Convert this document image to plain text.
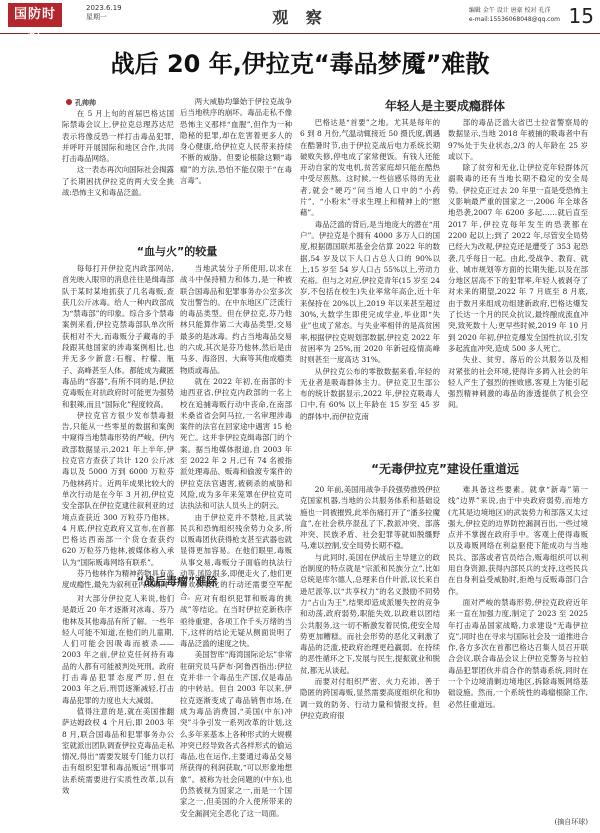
国防时报
2023.6.19
星期一	观 察	编辑 金午 设计 唐豪 校对 孔洋
e-mail:15536068048@qq.com 15
战后 20 年,伊拉克“毒品梦魇”难散
孔帅帅

在 5 月上旬的首届巴格达国际禁毒会议上,伊拉克总理苏达尼表示将像反恐一样打击毒品犯罪,并呼吁开展国际和地区合作,共同打击毒品网络。

这一表态再次向国际社会揭露了长期困扰伊拉克的两大安全挑战:恐怖主义和毒品泛滥。

两大威胁均肇始于伊拉克战争后当地秩序的崩坏。毒品走私不像恐怖主义那样“血腥”,但作为一种隐秘的犯罪,却在危害着更多人的身心健康,给伊拉克人民带来持续不断的威胁。但要论根除这颗“毒瘤”的方法,恐怕不能仅限于“在毒言毒”。

“血与火”的较量

每每打开伊拉克内政部网站,首先映入眼帘的消息往往是缉毒部队于某时某地抓获了几名毒贩,查获几公斤冰毒。给人一种内政部成为“禁毒部”的印象。综合多个禁毒案例来看,伊拉克禁毒部队单次所获相对不大,而毒贩分子藏毒的手段跟其他国家的涉毒案例相比,也并无多少新意:石榴、柠檬、瓶子、高峰甚至人体。都能成为藏匿毒品的“容器”,有所不同的是,伊拉克毒贩在对抗政府时可能更为强势和狠辣,而且“国际化”程度较高。

伊拉克官方很少发布禁毒报告,只能从一些零星的数据和案例中窥得当地禁毒形势的严峻。伊内政部数据显示,2021 年上半年,伊拉克官方查获了共计 120 公斤冰毒以及 5000 万到 6000 万粒芬乃他林药片。近两年成果比较大的单次行动是在今年 3 月初,伊拉克安全部队在伊拉克逮往叙利亚的过境点查获近 300 万粒芬乃他林。4 月底,伊拉克政府又宣布,在首都巴格达西南部一个货仓查获约 620 万粒芬乃他林,被媒体称入承认为“国际贩毒网络有联系”。

芬乃他林作为精神药物具有高度成瘾性,最先为叙利亚内战期间

当地武装分子所使用,以求在战斗中保持精力和体力,是一种被联合国毒品和犯罪事务办公室多次发出警告的。在中东地区广泛流行的毒品类型。但在伊拉克,芬乃他林只能算作第二大毒品类型,交易最多的是冰毒。约占当地毒品交易的六成,其次是芬乃他林,然后是由马多、海洛因、大麻等其他成瘾类物质或毒品。

就在 2022 年初,在南部的卡迪西亚省,伊拉克内政部的一名上校在追捕毒贩行动中丧命,在南部米桑省省会阿马拉,一名审理涉毒案件的法官在回家途中遇害 15 枪死亡。这并非伊拉克缉毒部门的个案。据当地媒体报道,自 2003 年至 2022 年 2 月,已有 74 名被指派处理毒品、贩毒和偷渡专案件的伊拉克法官遇害,被刺杀的威胁和风险,成为多年来笼罩在伊拉克司法执法和可法人员头上的阴云。

由于伊拉克并不禁枪,且武装民兵和恐怖组织残余势力众多,所以贩毒团伙获得枪支甚至武器也就显得更加容易。在他们眼里,毒贩从事交易,毒贩分子面临的执法行动等,风险很多,即便走火了,他们更喜欢武装化的行动还需要空军配合。

“战后毒瘤”难除

对大部分伊拉克人来说,他们是最近 20 年才逐渐对冰毒、芬乃他林及其他毒品有所了解。一些年轻人可能不知道,在他们的儿童期,人们可能会因吸毒而被杀——2003 年之前,伊拉克任何持有毒品的人都有可能被判处死刑。政府打击毒品犯罪态度严厉,但在 2003 年之后,刑罚逐渐减轻,打击毒品犯罪的力度也大大减弱。

值得注意的是,就在美国推翻萨达姆政权 4 个月后,即 2003 年 8 月,联合国毒品和犯罪事务办公室就派出团队调查伊拉克毒品走私情况,得出“需要发展专门能力以打击有组织犯罪和毒品贩运”刑事司法系统需要进行实质性改革,以有效

应对有组织犯罪和贩毒的挑战”等结论。在当时伊拉克新秩序亟待重建、各项工作千头万绪的当下,这样的结论无疑从侧面说明了毒品泛滥的速度之快。

美国智库“海湾国际论坛”非常驻研究员马萨布·阿鲁西指出:伊拉克并非一个毒品生产国,仅是毒品的中转站。但自 2003 年以来,伊拉克逐渐变成了毒品销售市场,在成为毒品消费国,“美国(中东)冲突”斗争引发一系列改革的计划,这么多年来基本上各种形式的大规模冲突已经导致各式各样形式的偷运毒品,也在运作,主要通过毒品交易所获得的利润获取,“可以形象地想象”。被称为社会问题的(中东),也仍然被视为国家之一,而是一个国家之一,但美国的介入使所带来的安全漏洞完全恶化了这一局面。

年轻人是主要成瘾群体

巴格达是“首要”之地。尤其是每年的 6 到 8 月份,气温动辄接近 50 摄氏度,偶遇在酷暑时节,由于伊拉克战后电力系统长期破败失修,停电成了家常便饭。有钱人还能开动自家的发电机,贫苦家庭却只能在酷热中受尽煎熬。这时候,一些信感乐得的无业者,就会“硬巧”问当地人口中的“小药片”、“小粉末”寻求生理上和精神上的“慰藉”。

毒品泛滥的背后,是当地庞大的潜在“用户”。伊拉克是个拥有 4000 多万人口的国度,根据德国联邦基金会估算 2022 年的数据,54 岁及以下人口占总人口的 90%以上,15 岁至 54 岁人口占 55%以上,劳动力充裕。但与之对应,伊拉克青年(15 岁至 24 岁,不包括在校生)失业率常年高企,近十年来保持在 20%以上,2019 年以来甚至超过 30%,大数学生即使完成学业,毕业即“失业”也成了常态。与失业率相伴的是高贫困率,根据伊拉克规划部数据,伊拉克 2022 年贫困率为 25%,而 2020 年新冠疫情高峰时则甚至一度高达 31%。

从伊拉克公布的零散数据来看,年轻的无业者是吸毒群体主力。伊拉克卫生部公布的统计数据显示,2022 年,伊拉克吸毒人口中,有 60% 以上年龄在 15 岁至 45 岁的群体中,而伊拉克南

部的毒品泛滥大省巴士拉省警察局的数据显示,当地 2018 年被捕的吸毒者中有 97%处于失业状态,2/3 的人年龄在 25 岁或以下。

除了贫穷和无业,让伊拉克年轻群体沉溺吸毒的还有当地长期不稳定的安全局势。伊拉克正过去 20 年里一直是受恐怖主义影响最严重的国家之一,2006 年全球各地恐袭,2007 年 6200 多起……就后直至 2017 年,伊拉克每年发生的恐袭都在 2200 起以上;到了 2022 年,尽管安全局势已经大为改观,伊拉克还是遭受了 353 起恐袭,几乎每日一起。由此,受战争、教育、就业、城市规划等方面的长期失能,以及在部分地区居高不下的犯罪率,年轻人被剥夺了对未来的期望,2022 年 7 月底至 8 月底,由于数月来组成功组建新政府,巴格达爆发了长达一个月的民众抗议,最终酿成流血冲突,致死数十人;更早些时候,2019 年 10 月到 2020 年初,伊拉克爆发全国性抗议,引发多起流血冲突,造成 500 多人死亡。

失业、贫穷、落后的公共服务以及相对紧张的社会环境,使得许多踌入社会的年轻人产生了强烈的挫败感,客观上为能引起强烈精神刺激的毒品的渗透提供了机会空间。

“无毒伊拉克”建设任重道远

20 年前,美国用战争手段强势推毁伊拉克国家机器,当地的公共服务体系和基础设施也一同被摧毁,此举伤痛打开了“潘多拉魔盒”,在社会秩序混乱了下,教派冲突、部落冲突、民族矛盾、社会犯罪等就如脱缰野马,难以控制,安全局势长期不稳。

与此同时,美国在伊战后主导建立的政治制度的特点就是“宗派和民族分立”,比如总统是库尔德人,总理来自什叶派,议长来自逊尼派等,以“共享权力”的名义鼓励不同势力“占山为王”,结果却造成派屡失控的竞争和动荡,政府弱势,职能失效,以政难以团结公共服务,这一切不断激发着民愤,使安全局势更加糟糕。而社会形势的恶化又刺激了毒品的泛滥,使政府治理更趋羸弱。在持续的恶性循环之下,发展与民生,提振就业和脱贫,都无从谈起。

而要对付组织严密、火力充沛、善于隐匿的跨国毒贩,显然需要高度组织化和协调一致的防务、行动力量和情报支持。但伊拉克政府很

难具备这些要素。就拿“新毒”第一线”边界”来说,由于中央政府弱势,而地方(尤其是边境地区)的武装势力和部落又太过强大,伊拉克的边界防控漏洞百出,一些过境点并不掌握在政府手中。客观上使得毒贩以及毒贩网络在利益驱使下能成功与当地民兵、部落或者官员结合,贩毒组织可以利用自身资源,获得内部民兵的支持,这些民兵在自身利益受威胁时,拒绝与反贩毒部门合作。

面对严峻的禁毒形势,伊拉克政府近年来一直在加强力度,制定了 2023 至 2025 年打击毒品国家战略,力求建设“无毒伊拉克”,同时也在寻求与国际社会及一道推进合作,各方多次在首都巴格达召集人员召开联合会议,联合毒品会议上伊拉克警务与拉伯毒品犯罪团伙并肩合作的禁毒系统,同时在一个个边境清剿边境地区,拆除毒贩网络基础设施。然而,一个系统性的毒瘤根除工作,必然任重道远。

(摘自环球)
